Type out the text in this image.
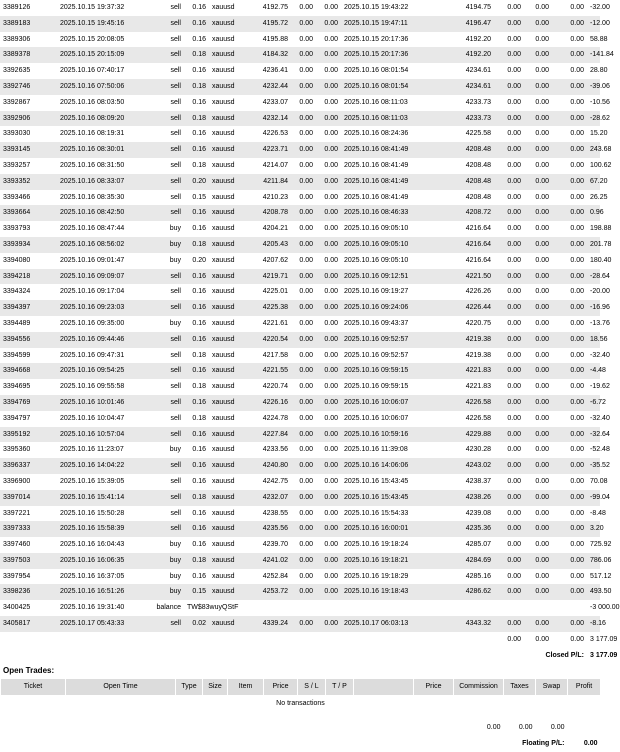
3389126	2025.10.15 19:37:32	sell	0.16	xauusd	4192.75	0.00	0.00	2025.10.15 19:43:22	4194.75	0.00	0.00	0.00	-32.00
3389183	2025.10.15 19:45:16	sell	0.16	xauusd	4195.72	0.00	0.00	2025.10.15 19:47:11	4196.47	0.00	0.00	0.00	-12.00
3389306	2025.10.15 20:08:05	sell	0.16	xauusd	4195.88	0.00	0.00	2025.10.15 20:17:36	4192.20	0.00	0.00	0.00	58.88
3389378	2025.10.15 20:15:09	sell	0.18	xauusd	4184.32	0.00	0.00	2025.10.15 20:17:36	4192.20	0.00	0.00	0.00	-141.84
3392635	2025.10.16 07:40:17	sell	0.16	xauusd	4236.41	0.00	0.00	2025.10.16 08:01:54	4234.61	0.00	0.00	0.00	28.80
3392746	2025.10.16 07:50:06	sell	0.18	xauusd	4232.44	0.00	0.00	2025.10.16 08:01:54	4234.61	0.00	0.00	0.00	-39.06
3392867	2025.10.16 08:03:50	sell	0.16	xauusd	4233.07	0.00	0.00	2025.10.16 08:11:03	4233.73	0.00	0.00	0.00	-10.56
3392906	2025.10.16 08:09:20	sell	0.18	xauusd	4232.14	0.00	0.00	2025.10.16 08:11:03	4233.73	0.00	0.00	0.00	-28.62
3393030	2025.10.16 08:19:31	sell	0.16	xauusd	4226.53	0.00	0.00	2025.10.16 08:24:36	4225.58	0.00	0.00	0.00	15.20
3393145	2025.10.16 08:30:01	sell	0.16	xauusd	4223.71	0.00	0.00	2025.10.16 08:41:49	4208.48	0.00	0.00	0.00	243.68
3393257	2025.10.16 08:31:50	sell	0.18	xauusd	4214.07	0.00	0.00	2025.10.16 08:41:49	4208.48	0.00	0.00	0.00	100.62
3393352	2025.10.16 08:33:07	sell	0.20	xauusd	4211.84	0.00	0.00	2025.10.16 08:41:49	4208.48	0.00	0.00	0.00	67.20
3393466	2025.10.16 08:35:30	sell	0.15	xauusd	4210.23	0.00	0.00	2025.10.16 08:41:49	4208.48	0.00	0.00	0.00	26.25
3393664	2025.10.16 08:42:50	sell	0.16	xauusd	4208.78	0.00	0.00	2025.10.16 08:46:33	4208.72	0.00	0.00	0.00	0.96
3393793	2025.10.16 08:47:44	buy	0.16	xauusd	4204.21	0.00	0.00	2025.10.16 09:05:10	4216.64	0.00	0.00	0.00	198.88
3393934	2025.10.16 08:56:02	buy	0.18	xauusd	4205.43	0.00	0.00	2025.10.16 09:05:10	4216.64	0.00	0.00	0.00	201.78
3394080	2025.10.16 09:01:47	buy	0.20	xauusd	4207.62	0.00	0.00	2025.10.16 09:05:10	4216.64	0.00	0.00	0.00	180.40
3394218	2025.10.16 09:09:07	sell	0.16	xauusd	4219.71	0.00	0.00	2025.10.16 09:12:51	4221.50	0.00	0.00	0.00	-28.64
3394324	2025.10.16 09:17:04	sell	0.16	xauusd	4225.01	0.00	0.00	2025.10.16 09:19:27	4226.26	0.00	0.00	0.00	-20.00
3394397	2025.10.16 09:23:03	sell	0.16	xauusd	4225.38	0.00	0.00	2025.10.16 09:24:06	4226.44	0.00	0.00	0.00	-16.96
3394489	2025.10.16 09:35:00	buy	0.16	xauusd	4221.61	0.00	0.00	2025.10.16 09:43:37	4220.75	0.00	0.00	0.00	-13.76
3394556	2025.10.16 09:44:46	sell	0.16	xauusd	4220.54	0.00	0.00	2025.10.16 09:52:57	4219.38	0.00	0.00	0.00	18.56
3394599	2025.10.16 09:47:31	sell	0.18	xauusd	4217.58	0.00	0.00	2025.10.16 09:52:57	4219.38	0.00	0.00	0.00	-32.40
3394668	2025.10.16 09:54:25	sell	0.16	xauusd	4221.55	0.00	0.00	2025.10.16 09:59:15	4221.83	0.00	0.00	0.00	-4.48
3394695	2025.10.16 09:55:58	sell	0.18	xauusd	4220.74	0.00	0.00	2025.10.16 09:59:15	4221.83	0.00	0.00	0.00	-19.62
3394769	2025.10.16 10:01:46	sell	0.16	xauusd	4226.16	0.00	0.00	2025.10.16 10:06:07	4226.58	0.00	0.00	0.00	-6.72
3394797	2025.10.16 10:04:47	sell	0.18	xauusd	4224.78	0.00	0.00	2025.10.16 10:06:07	4226.58	0.00	0.00	0.00	-32.40
3395192	2025.10.16 10:57:04	sell	0.16	xauusd	4227.84	0.00	0.00	2025.10.16 10:59:16	4229.88	0.00	0.00	0.00	-32.64
3395360	2025.10.16 11:23:07	buy	0.16	xauusd	4233.56	0.00	0.00	2025.10.16 11:39:08	4230.28	0.00	0.00	0.00	-52.48
3396337	2025.10.16 14:04:22	sell	0.16	xauusd	4240.80	0.00	0.00	2025.10.16 14:06:06	4243.02	0.00	0.00	0.00	-35.52
3396900	2025.10.16 15:39:05	sell	0.16	xauusd	4242.75	0.00	0.00	2025.10.16 15:43:45	4238.37	0.00	0.00	0.00	70.08
3397014	2025.10.16 15:41:14	sell	0.18	xauusd	4232.07	0.00	0.00	2025.10.16 15:43:45	4238.26	0.00	0.00	0.00	-99.04
3397221	2025.10.16 15:50:28	sell	0.16	xauusd	4238.55	0.00	0.00	2025.10.16 15:54:33	4239.08	0.00	0.00	0.00	-8.48
3397333	2025.10.16 15:58:39	sell	0.16	xauusd	4235.56	0.00	0.00	2025.10.16 16:00:01	4235.36	0.00	0.00	0.00	3.20
3397460	2025.10.16 16:04:43	buy	0.16	xauusd	4239.70	0.00	0.00	2025.10.16 19:18:24	4285.07	0.00	0.00	0.00	725.92
3397503	2025.10.16 16:06:35	buy	0.18	xauusd	4241.02	0.00	0.00	2025.10.16 19:18:21	4284.69	0.00	0.00	0.00	786.06
3397954	2025.10.16 16:37:05	buy	0.16	xauusd	4252.84	0.00	0.00	2025.10.16 19:18:29	4285.16	0.00	0.00	0.00	517.12
3398236	2025.10.16 16:51:26	buy	0.15	xauusd	4253.72	0.00	0.00	2025.10.16 19:18:43	4286.62	0.00	0.00	0.00	493.50
3400425	2025.10.16 19:31:40	balance	TW$83wuyQStF										-3 000.00
3405817	2025.10.17 05:43:33	sell	0.02	xauusd	4339.24	0.00	0.00	2025.10.17 06:03:13	4343.32	0.00	0.00	0.00	-8.16
										0.00	0.00	0.00	3 177.09
										Closed P/L:			3 177.09
Open Trades:
Ticket	Open Time	Type	Size	Item	Price	S / L	T / P		Price	Commission	Taxes	Swap	Profit
No transactions													

										0.00	0.00	0.00	
											Floating P/L:		0.00
